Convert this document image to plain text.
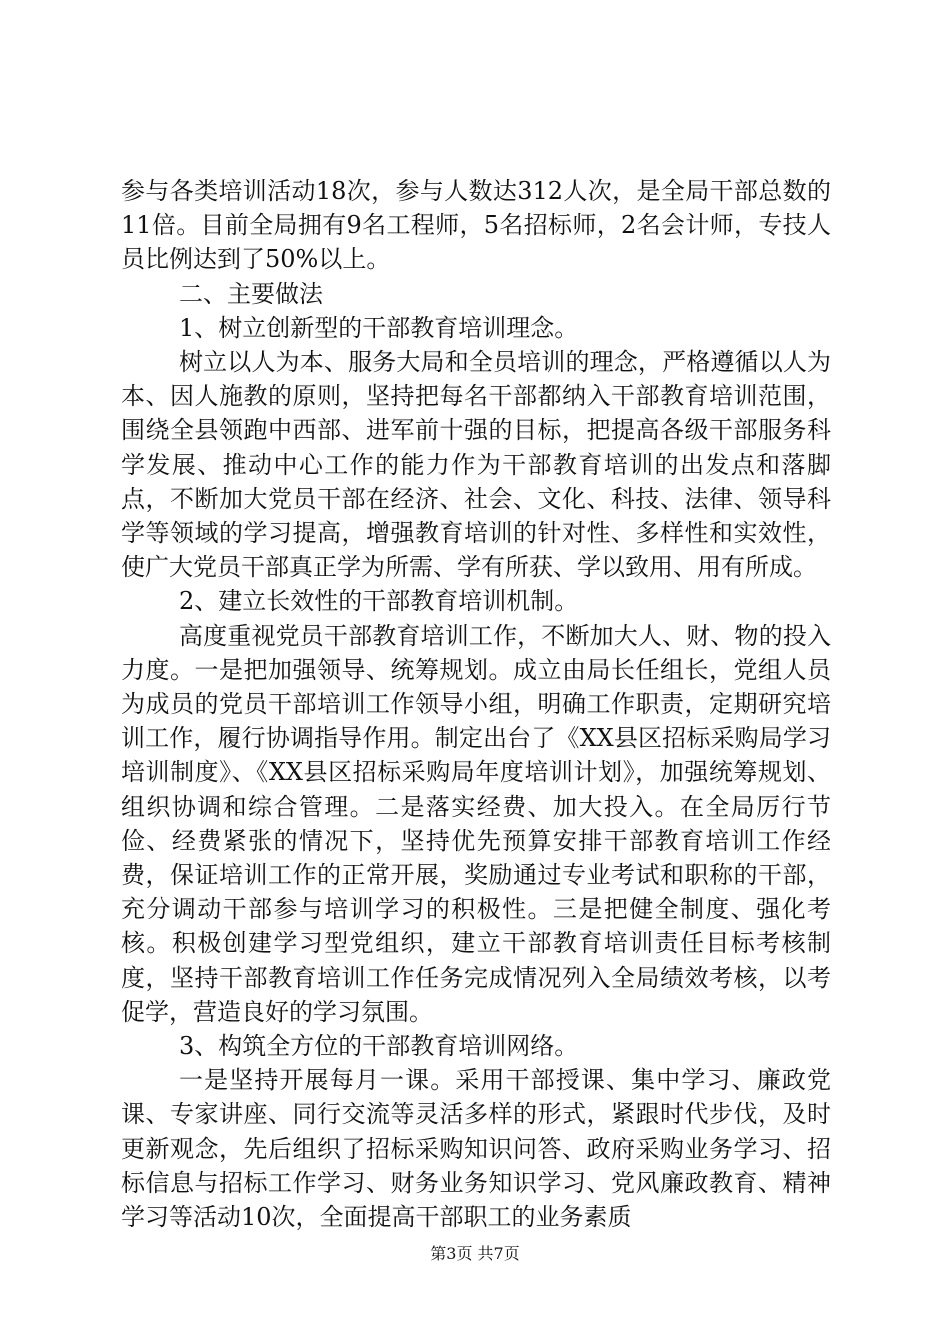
参与各类培训活动18次，参与人数达312人次，是全局干部总数的11倍。目前全局拥有9名工程师，5名招标师，2名会计师，专技人员比例达到了50%以上。

二、主要做法

1、树立创新型的干部教育培训理念。

树立以人为本、服务大局和全员培训的理念，严格遵循以人为本、因人施教的原则，坚持把每名干部都纳入干部教育培训范围，围绕全县领跑中西部、进军前十强的目标，把提高各级干部服务科学发展、推动中心工作的能力作为干部教育培训的出发点和落脚点，不断加大党员干部在经济、社会、文化、科技、法律、领导科学等领域的学习提高，增强教育培训的针对性、多样性和实效性，使广大党员干部真正学为所需、学有所获、学以致用、用有所成。

2、建立长效性的干部教育培训机制。

高度重视党员干部教育培训工作，不断加大人、财、物的投入力度。一是把加强领导、统筹规划。成立由局长任组长，党组人员为成员的党员干部培训工作领导小组，明确工作职责，定期研究培训工作，履行协调指导作用。制定出台了《XX县区招标采购局学习培训制度》、《XX县区招标采购局年度培训计划》，加强统筹规划、组织协调和综合管理。二是落实经费、加大投入。在全局厉行节俭、经费紧张的情况下，坚持优先预算安排干部教育培训工作经费，保证培训工作的正常开展，奖励通过专业考试和职称的干部，充分调动干部参与培训学习的积极性。三是把健全制度、强化考核。积极创建学习型党组织，建立干部教育培训责任目标考核制度，坚持干部教育培训工作任务完成情况列入全局绩效考核，以考促学，营造良好的学习氛围。

3、构筑全方位的干部教育培训网络。

一是坚持开展每月一课。采用干部授课、集中学习、廉政党课、专家讲座、同行交流等灵活多样的形式，紧跟时代步伐，及时更新观念，先后组织了招标采购知识问答、政府采购业务学习、招标信息与招标工作学习、财务业务知识学习、党风廉政教育、精神学习等活动10次，全面提高干部职工的业务素质

第3页 共7页
